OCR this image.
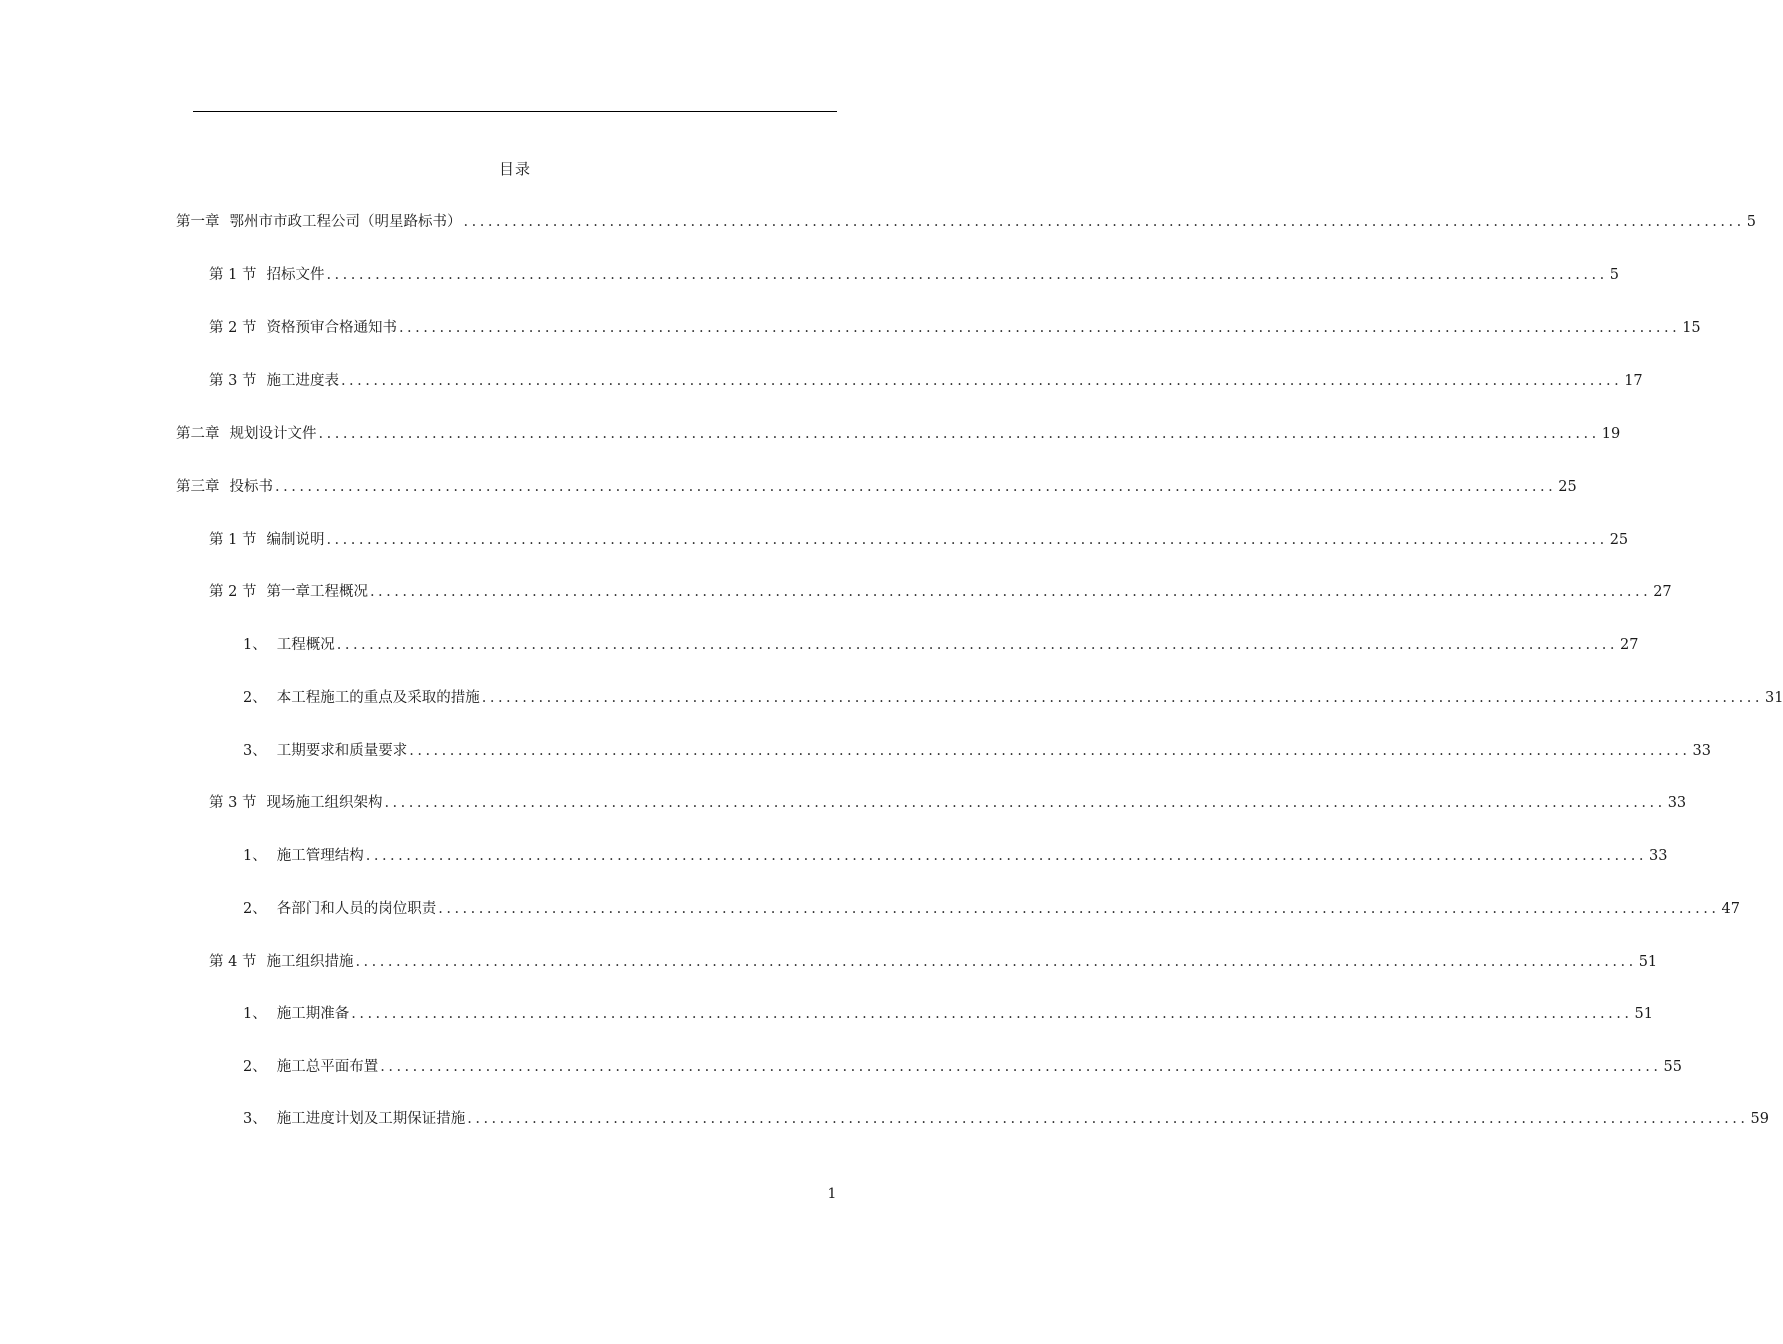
目录
第一章 鄂州市市政工程公司（明星路标书） .............................................................................................................................................................. 5
第 1 节 招标文件 .............................................................................................................................................................. 5
第 2 节 资格预审合格通知书 .............................................................................................................................................................. 15
第 3 节 施工进度表 .............................................................................................................................................................. 17
第二章 规划设计文件 .............................................................................................................................................................. 19
第三章 投标书 .............................................................................................................................................................. 25
第 1 节 编制说明 .............................................................................................................................................................. 25
第 2 节 第一章工程概况 .............................................................................................................................................................. 27
1、 工程概况 .............................................................................................................................................................. 27
2、 本工程施工的重点及采取的措施 .............................................................................................................................................................. 31
3、 工期要求和质量要求 .............................................................................................................................................................. 33
第 3 节 现场施工组织架构 .............................................................................................................................................................. 33
1、 施工管理结构 .............................................................................................................................................................. 33
2、 各部门和人员的岗位职责 .............................................................................................................................................................. 47
第 4 节 施工组织措施 .............................................................................................................................................................. 51
1、 施工期准备 .............................................................................................................................................................. 51
2、 施工总平面布置 .............................................................................................................................................................. 55
3、 施工进度计划及工期保证措施 .............................................................................................................................................................. 59
1
